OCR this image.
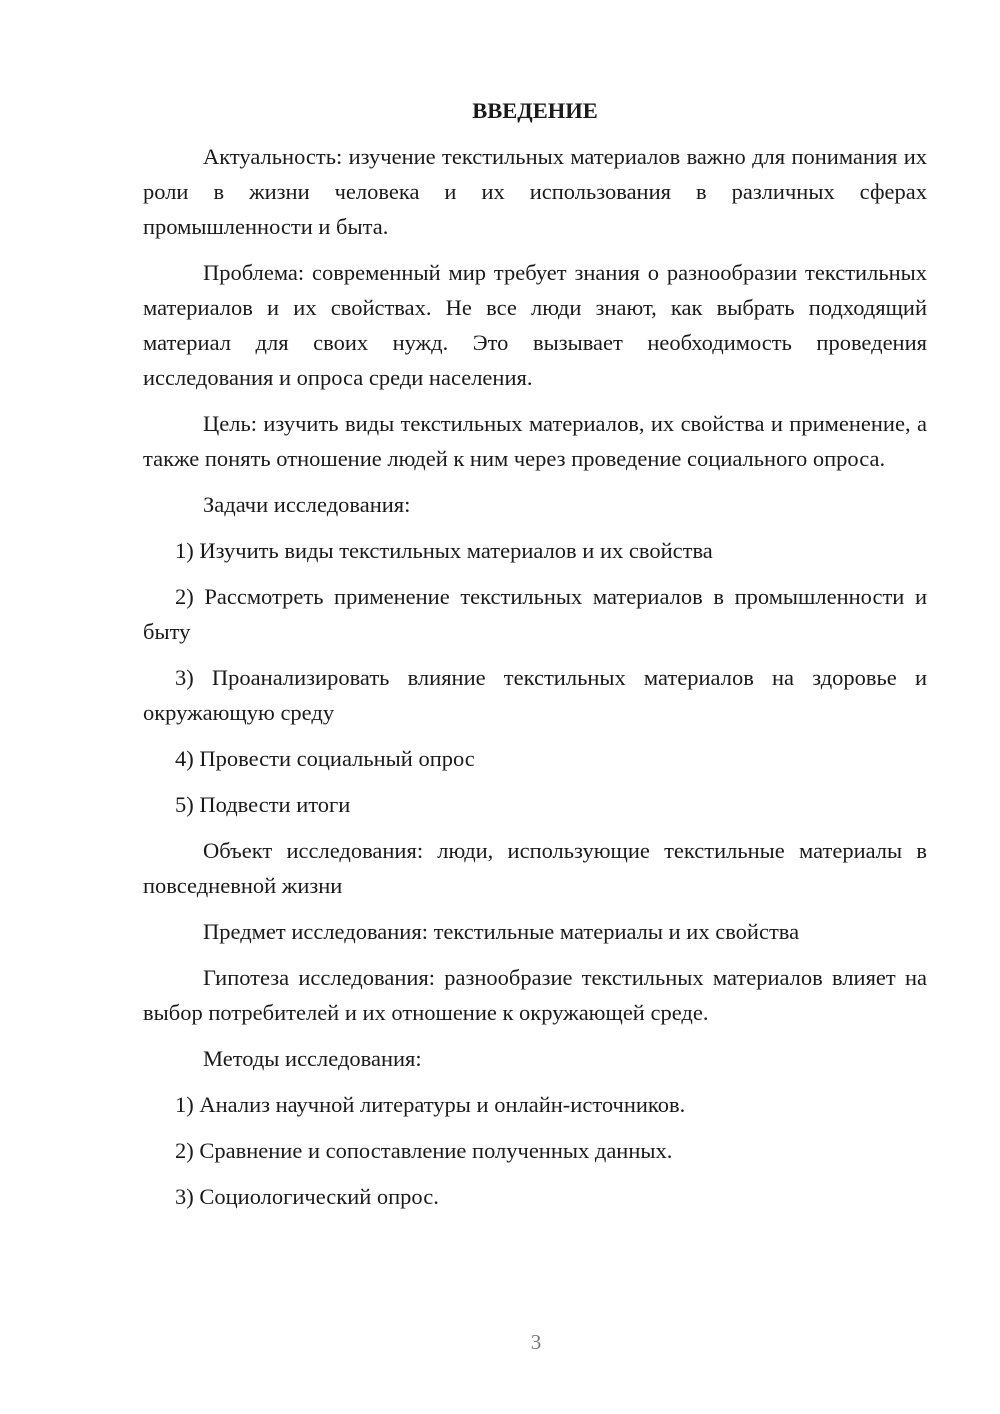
ВВЕДЕНИЕ

Актуальность: изучение текстильных материалов важно для понимания их роли в жизни человека и их использования в различных сферах промышленности и быта.

Проблема: современный мир требует знания о разнообразии текстильных материалов и их свойствах. Не все люди знают, как выбрать подходящий материал для своих нужд. Это вызывает необходимость проведения исследования и опроса среди населения.

Цель: изучить виды текстильных материалов, их свойства и применение, а также понять отношение людей к ним через проведение социального опроса.

Задачи исследования:

1) Изучить виды текстильных материалов и их свойства

2) Рассмотреть применение текстильных материалов в промышленности и быту

3) Проанализировать влияние текстильных материалов на здоровье и окружающую среду

4) Провести социальный опрос

5) Подвести итоги

Объект исследования: люди, использующие текстильные материалы в повседневной жизни

Предмет исследования: текстильные материалы и их свойства

Гипотеза исследования: разнообразие текстильных материалов влияет на выбор потребителей и их отношение к окружающей среде.

Методы исследования:

1) Анализ научной литературы и онлайн-источников.

2) Сравнение и сопоставление полученных данных.

3) Социологический опрос.

3
